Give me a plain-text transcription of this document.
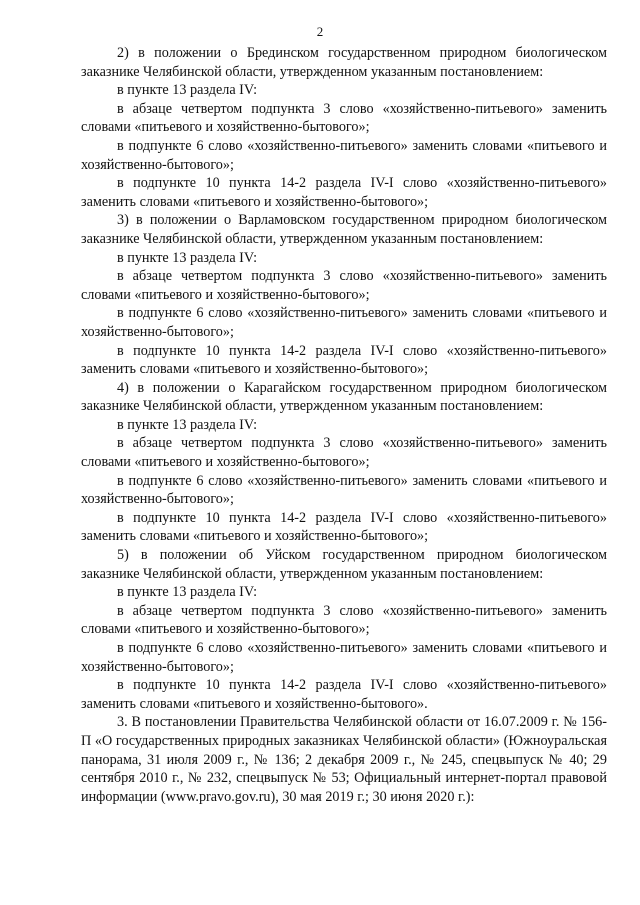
2

2) в положении о Брединском государственном природном биологическом заказнике Челябинской области, утвержденном указанным постановлением:

в пункте 13 раздела IV:

в абзаце четвертом подпункта 3 слово «хозяйственно-питьевого» заменить словами «питьевого и хозяйственно-бытового»;

в подпункте 6 слово «хозяйственно-питьевого» заменить словами «питьевого и хозяйственно-бытового»;

в подпункте 10 пункта 14-2 раздела IV-I слово «хозяйственно-питьевого» заменить словами «питьевого и хозяйственно-бытового»;

3) в положении о Варламовском государственном природном биологическом заказнике Челябинской области, утвержденном указанным постановлением:

в пункте 13 раздела IV:

в абзаце четвертом подпункта 3 слово «хозяйственно-питьевого» заменить словами «питьевого и хозяйственно-бытового»;

в подпункте 6 слово «хозяйственно-питьевого» заменить словами «питьевого и хозяйственно-бытового»;

в подпункте 10 пункта 14-2 раздела IV-I слово «хозяйственно-питьевого» заменить словами «питьевого и хозяйственно-бытового»;

4) в положении о Карагайском государственном природном биологическом заказнике Челябинской области, утвержденном указанным постановлением:

в пункте 13 раздела IV:

в абзаце четвертом подпункта 3 слово «хозяйственно-питьевого» заменить словами «питьевого и хозяйственно-бытового»;

в подпункте 6 слово «хозяйственно-питьевого» заменить словами «питьевого и хозяйственно-бытового»;

в подпункте 10 пункта 14-2 раздела IV-I слово «хозяйственно-питьевого» заменить словами «питьевого и хозяйственно-бытового»;

5) в положении об Уйском государственном природном биологическом заказнике Челябинской области, утвержденном указанным постановлением:

в пункте 13 раздела IV:

в абзаце четвертом подпункта 3 слово «хозяйственно-питьевого» заменить словами «питьевого и хозяйственно-бытового»;

в подпункте 6 слово «хозяйственно-питьевого» заменить словами «питьевого и хозяйственно-бытового»;

в подпункте 10 пункта 14-2 раздела IV-I слово «хозяйственно-питьевого» заменить словами «питьевого и хозяйственно-бытового».

3. В постановлении Правительства Челябинской области от 16.07.2009 г. № 156-П «О государственных природных заказниках Челябинской области» (Южноуральская панорама, 31 июля 2009 г., № 136; 2 декабря 2009 г., № 245, спецвыпуск № 40; 29 сентября 2010 г., № 232, спецвыпуск № 53; Официальный интернет-портал правовой информации (www.pravo.gov.ru), 30 мая 2019 г.; 30 июня 2020 г.):
